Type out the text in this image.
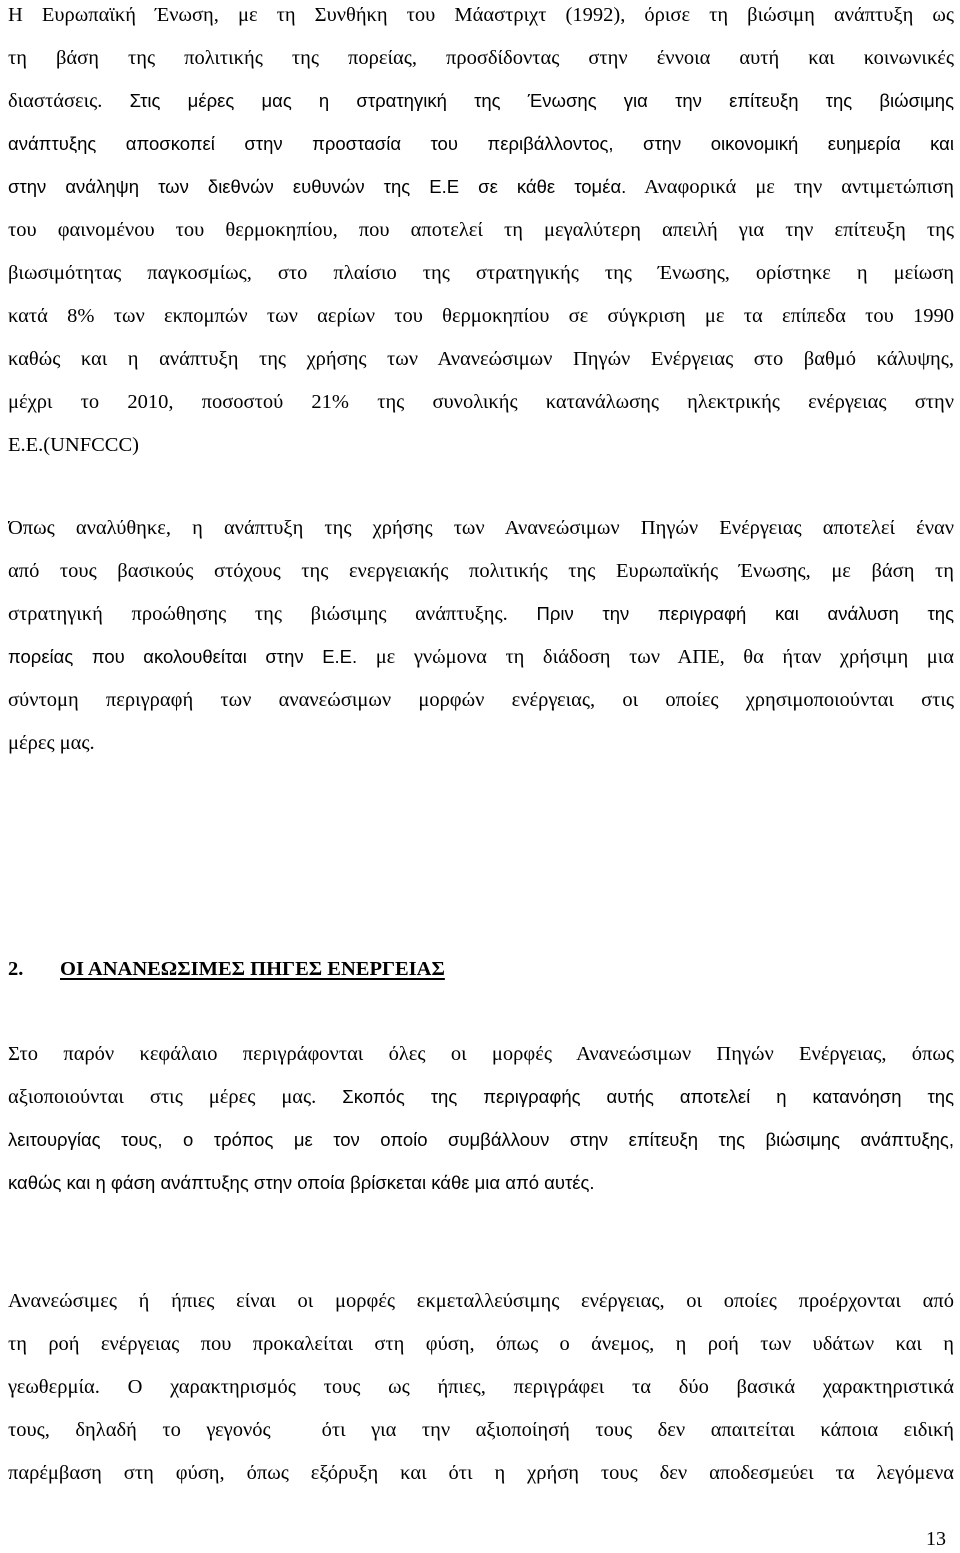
Η Ευρωπαϊκή Ένωση, με τη Συνθήκη του Μάαστριχτ (1992), όρισε τη βιώσιμη ανάπτυξη ως
τη βάση της πολιτικής της πορείας, προσδίδοντας στην έννοια αυτή και κοινωνικές
διαστάσεις. Στις μέρες μας η στρατηγική της Ένωσης για την επίτευξη της βιώσιμης
ανάπτυξης αποσκοπεί στην προστασία του περιβάλλοντος, στην οικονομική ευημερία και
στην ανάληψη των διεθνών ευθυνών της Ε.Ε σε κάθε τομέα. Αναφορικά με την αντιμετώπιση
του φαινομένου του θερμοκηπίου, που αποτελεί τη μεγαλύτερη απειλή για την επίτευξη της
βιωσιμότητας παγκοσμίως, στο πλαίσιο της στρατηγικής της Ένωσης, ορίστηκε η μείωση
κατά 8% των εκπομπών των αερίων του θερμοκηπίου σε σύγκριση με τα επίπεδα του 1990
καθώς και η ανάπτυξη της χρήσης των Ανανεώσιμων Πηγών Ενέργειας στο βαθμό κάλυψης,
μέχρι το 2010, ποσοστού 21% της συνολικής κατανάλωσης ηλεκτρικής ενέργειας στην
Ε.Ε.(UNFCCC)
Όπως αναλύθηκε, η ανάπτυξη της χρήσης των Ανανεώσιμων Πηγών Ενέργειας αποτελεί έναν
από τους βασικούς στόχους της ενεργειακής πολιτικής της Ευρωπαϊκής Ένωσης, με βάση τη
στρατηγική προώθησης της βιώσιμης ανάπτυξης. Πριν την περιγραφή και ανάλυση της
πορείας που ακολουθείται στην Ε.Ε. με γνώμονα τη διάδοση των ΑΠΕ, θα ήταν χρήσιμη μια
σύντομη περιγραφή των ανανεώσιμων μορφών ενέργειας, οι οποίες χρησιμοποιούνται στις
μέρες μας.
2. ΟΙ ΑΝΑΝΕΩΣΙΜΕΣ ΠΗΓΕΣ ΕΝΕΡΓΕΙΑΣ
Στο παρόν κεφάλαιο περιγράφονται όλες οι μορφές Ανανεώσιμων Πηγών Ενέργειας, όπως
αξιοποιούνται στις μέρες μας. Σκοπός της περιγραφής αυτής αποτελεί η κατανόηση της
λειτουργίας τους, ο τρόπος με τον οποίο συμβάλλουν στην επίτευξη της βιώσιμης ανάπτυξης,
καθώς και η φάση ανάπτυξης στην οποία βρίσκεται κάθε μια από αυτές.
Ανανεώσιμες ή ήπιες είναι οι μορφές εκμεταλλεύσιμης ενέργειας, οι οποίες προέρχονται από
τη ροή ενέργειας που προκαλείται στη φύση, όπως ο άνεμος, η ροή των υδάτων και η
γεωθερμία. Ο χαρακτηρισμός τους ως ήπιες, περιγράφει τα δύο βασικά χαρακτηριστικά
τους, δηλαδή το γεγονός  ότι για την αξιοποίησή τους δεν απαιτείται κάποια ειδική
παρέμβαση στη φύση, όπως εξόρυξη και ότι η χρήση τους δεν αποδεσμεύει τα λεγόμενα
13
